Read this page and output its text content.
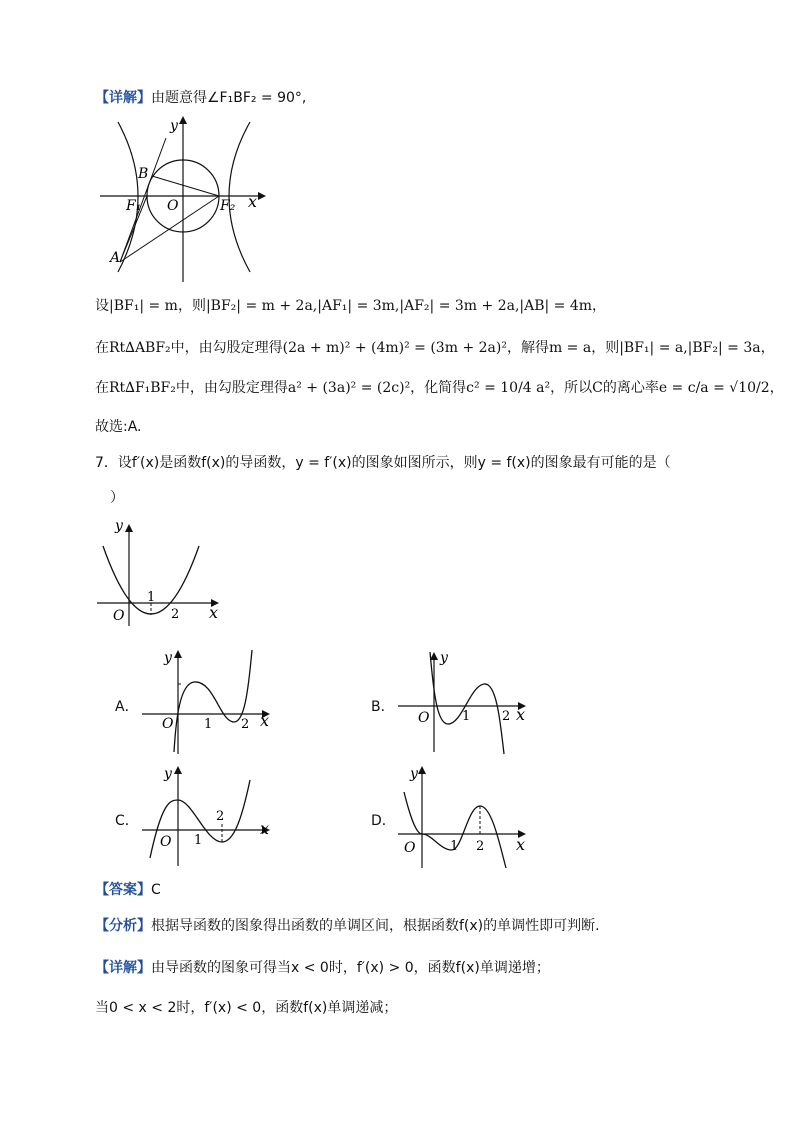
【详解】由题意得∠F₁BF₂ = 90°,
y
B
F₁ O	F₂ x
A
设|BF₁| = m，则|BF₂| = m + 2a,|AF₁| = 3m,|AF₂| = 3m + 2a,|AB| = 4m，
在Rt∆ABF₂中，由勾股定理得(2a + m)² + (4m)² = (3m + 2a)²，解得m = a，则|BF₁| = a,|BF₂| = 3a，
在Rt∆F₁BF₂中，由勾股定理得a² + (3a)² = (2c)²，化简得c² = 10/4 a²，所以C的离心率e = c/a = √10/2，
故选:A.
7．设f′(x)是函数f(x)的导函数，y = f′(x)的图象如图所示，则y = f(x)的图象最有可能的是（
）
y
1
2
O	x
A．
y
O 1 2 x
B．
y
O	1 2 x
C．
y
O 1
2
x	D．
y
O	1 2 x
【答案】C
【分析】根据导函数的图象得出函数的单调区间，根据函数f(x)的单调性即可判断.
【详解】由导函数的图象可得当x < 0时，f′(x) > 0，函数f(x)单调递增；
当0 < x < 2时，f′(x) < 0，函数f(x)单调递减；
